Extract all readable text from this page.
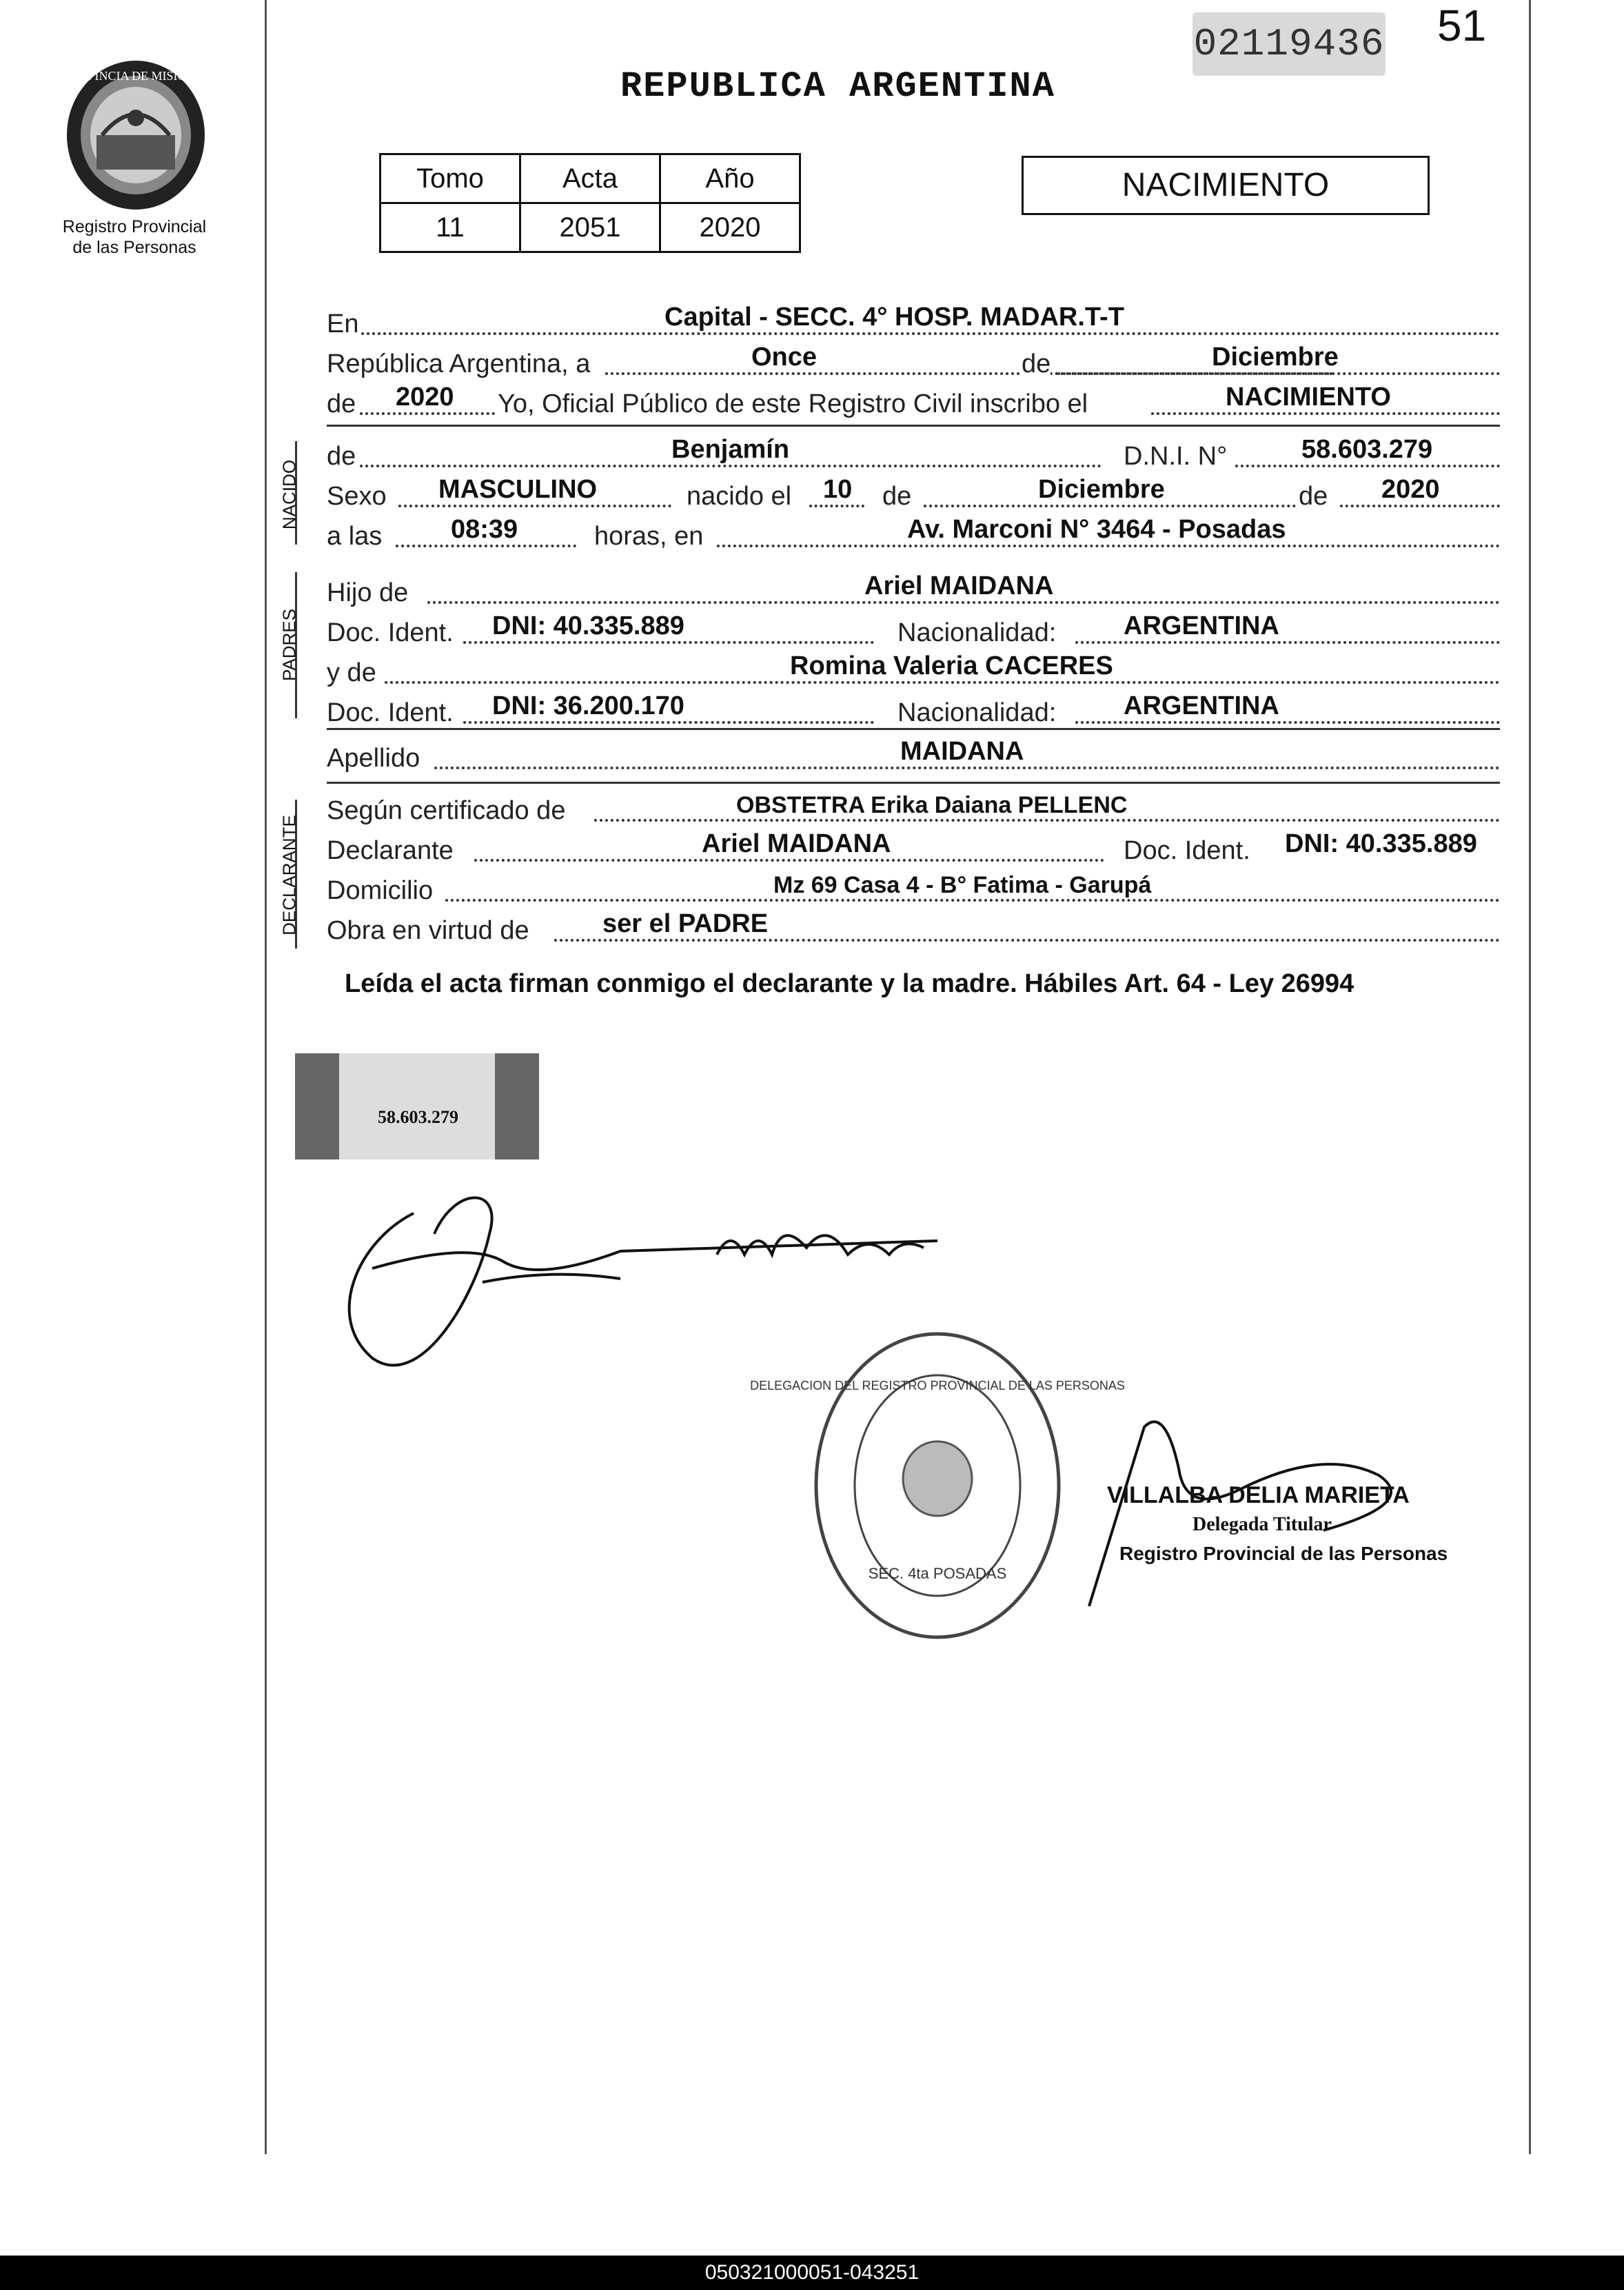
02119436 51
REPUBLICA ARGENTINA
PROVINCIA DE MISIONES
Registro Provincial
de las Personas
Tomo	Acta	Año
11	2051	2020
NACIMIENTO
En	Capital - SECC. 4° HOSP. MADAR.T-T
República Argentina, a	Once	de	Diciembre
de 2020 Yo, Oficial Público de este Registro Civil inscribo el	NACIMIENTO
NACIDO
de	Benjamín	D.N.I. N°	58.603.279
Sexo MASCULINO	nacido el 10 de	Diciembre	de 2020
a las	08:39	horas, en	Av. Marconi N° 3464 - Posadas
PADRES
Hijo de	Ariel MAIDANA
Doc. Ident. DNI: 40.335.889	Nacionalidad:	ARGENTINA
y de	Romina Valeria CACERES
Doc. Ident. DNI: 36.200.170	Nacionalidad:	ARGENTINA
Apellido	MAIDANA
DECLARANTE
Según certificado de	OBSTETRA Erika Daiana PELLENC
Declarante	Ariel MAIDANA	Doc. Ident. DNI: 40.335.889
Domicilio	Mz 69 Casa 4 - B° Fatima - Garupá
Obra en virtud de	ser el PADRE
Leída el acta firman conmigo el declarante y la madre. Hábiles Art. 64 - Ley 26994
58.603.279
DELEGACION DEL REGISTRO PROVINCIAL DE LAS PERSONAS
SEC. 4ta POSADAS
VILLALBA DELIA MARIETA
Delegada Titular
Registro Provincial de las Personas
050321000051-043251
